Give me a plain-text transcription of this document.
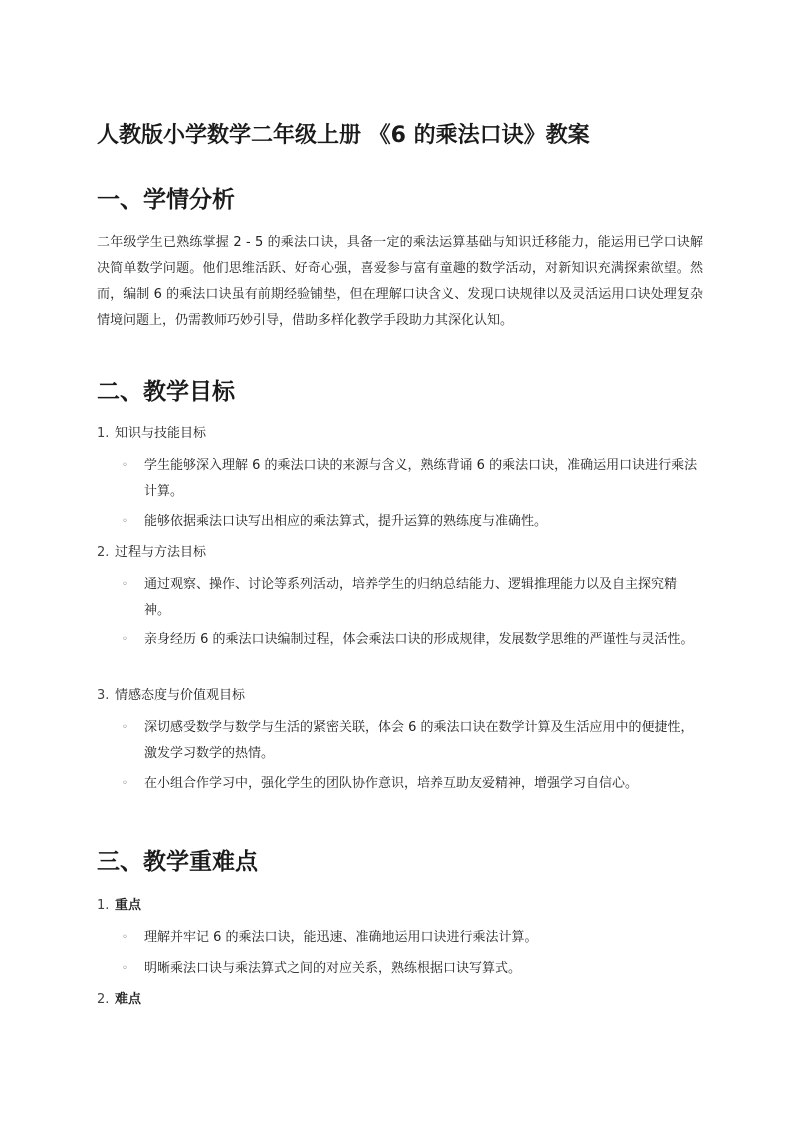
人教版小学数学二年级上册 《6 的乘法口诀》教案
一、学情分析
二年级学生已熟练掌握 2 - 5 的乘法口诀，具备一定的乘法运算基础与知识迁移能力，能运用已学口诀解决简单数学问题。他们思维活跃、好奇心强，喜爱参与富有童趣的数学活动，对新知识充满探索欲望。然而，编制 6 的乘法口诀虽有前期经验铺垫，但在理解口诀含义、发现口诀规律以及灵活运用口诀处理复杂情境问题上，仍需教师巧妙引导，借助多样化教学手段助力其深化认知。
二、教学目标
1. 知识与技能目标
◦	学生能够深入理解 6 的乘法口诀的来源与含义，熟练背诵 6 的乘法口诀，准确运用口诀进行乘法计算。
◦	能够依据乘法口诀写出相应的乘法算式，提升运算的熟练度与准确性。
2. 过程与方法目标
◦	通过观察、操作、讨论等系列活动，培养学生的归纳总结能力、逻辑推理能力以及自主探究精神。
◦	亲身经历 6 的乘法口诀编制过程，体会乘法口诀的形成规律，发展数学思维的严谨性与灵活性。
3. 情感态度与价值观目标
◦	深切感受数学与数学与生活的紧密关联，体会 6 的乘法口诀在数学计算及生活应用中的便捷性，激发学习数学的热情。
◦	在小组合作学习中，强化学生的团队协作意识，培养互助友爱精神，增强学习自信心。
三、教学重难点
1. 重点
◦	理解并牢记 6 的乘法口诀，能迅速、准确地运用口诀进行乘法计算。
◦	明晰乘法口诀与乘法算式之间的对应关系，熟练根据口诀写算式。
2. 难点
